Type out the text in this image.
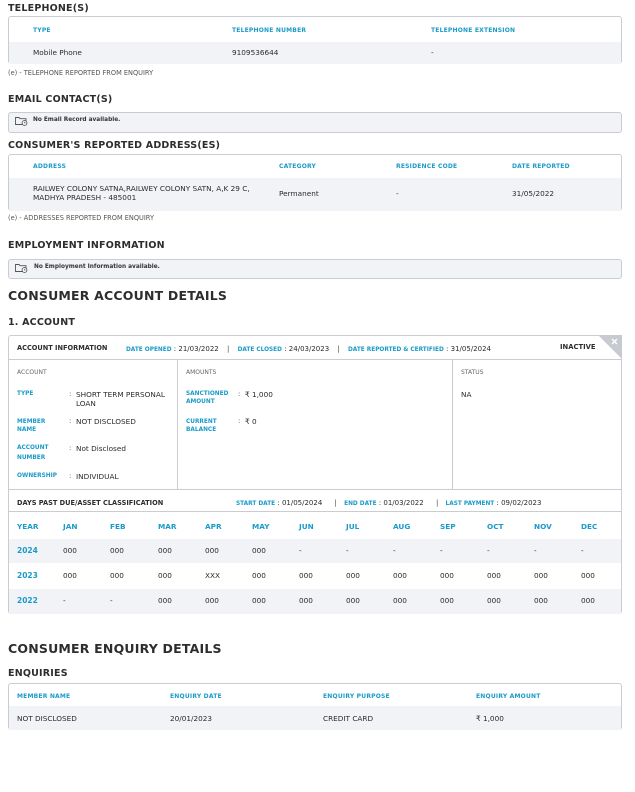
TELEPHONE(S)
TYPE	TELEPHONE NUMBER	TELEPHONE EXTENSION
Mobile Phone	9109536644	-
(e) - TELEPHONE REPORTED FROM ENQUIRY
EMAIL CONTACT(S)
No Email Record available.
CONSUMER'S REPORTED ADDRESS(ES)
ADDRESS	CATEGORY	RESIDENCE CODE	DATE REPORTED
RAILWEY COLONY SATNA,RAILWEY COLONY SATN, A,K 29 C,
MADHYA PRADESH - 485001	Permanent	-	31/05/2022
(e) - ADDRESSES REPORTED FROM ENQUIRY
EMPLOYMENT INFORMATION
No Employment Information available.
CONSUMER ACCOUNT DETAILS
1. ACCOUNT
ACCOUNT INFORMATION	DATE OPENED : 21/03/2022 | DATE CLOSED : 24/03/2023 | DATE REPORTED & CERTIFIED : 31/05/2024	INACTIVE
ACCOUNT
TYPE	: SHORT TERM PERSONAL
LOAN
MEMBER
NAME
: NOT DISCLOSED
ACCOUNT
NUMBER
: Not Disclosed
OWNERSHIP : INDIVIDUAL
AMOUNTS
SANCTIONED
AMOUNT
: ₹ 1,000
CURRENT
BALANCE
: ₹ 0
STATUS
NA
DAYS PAST DUE/ASSET CLASSIFICATION	START DATE : 01/05/2024 | END DATE : 01/03/2022 | LAST PAYMENT : 09/02/2023
YEAR	JAN	FEB	MAR	APR	MAY	JUN	JUL	AUG	SEP	OCT	NOV	DEC
2024	000	000	000	000	000	-	-	-	-	-	-	-
2023	000	000	000	XXX	000	000	000	000	000	000	000	000
2022	-	-	000	000	000	000	000	000	000	000	000	000
CONSUMER ENQUIRY DETAILS
ENQUIRIES
MEMBER NAME	ENQUIRY DATE	ENQUIRY PURPOSE	ENQUIRY AMOUNT
NOT DISCLOSED	20/01/2023	CREDIT CARD	₹ 1,000
